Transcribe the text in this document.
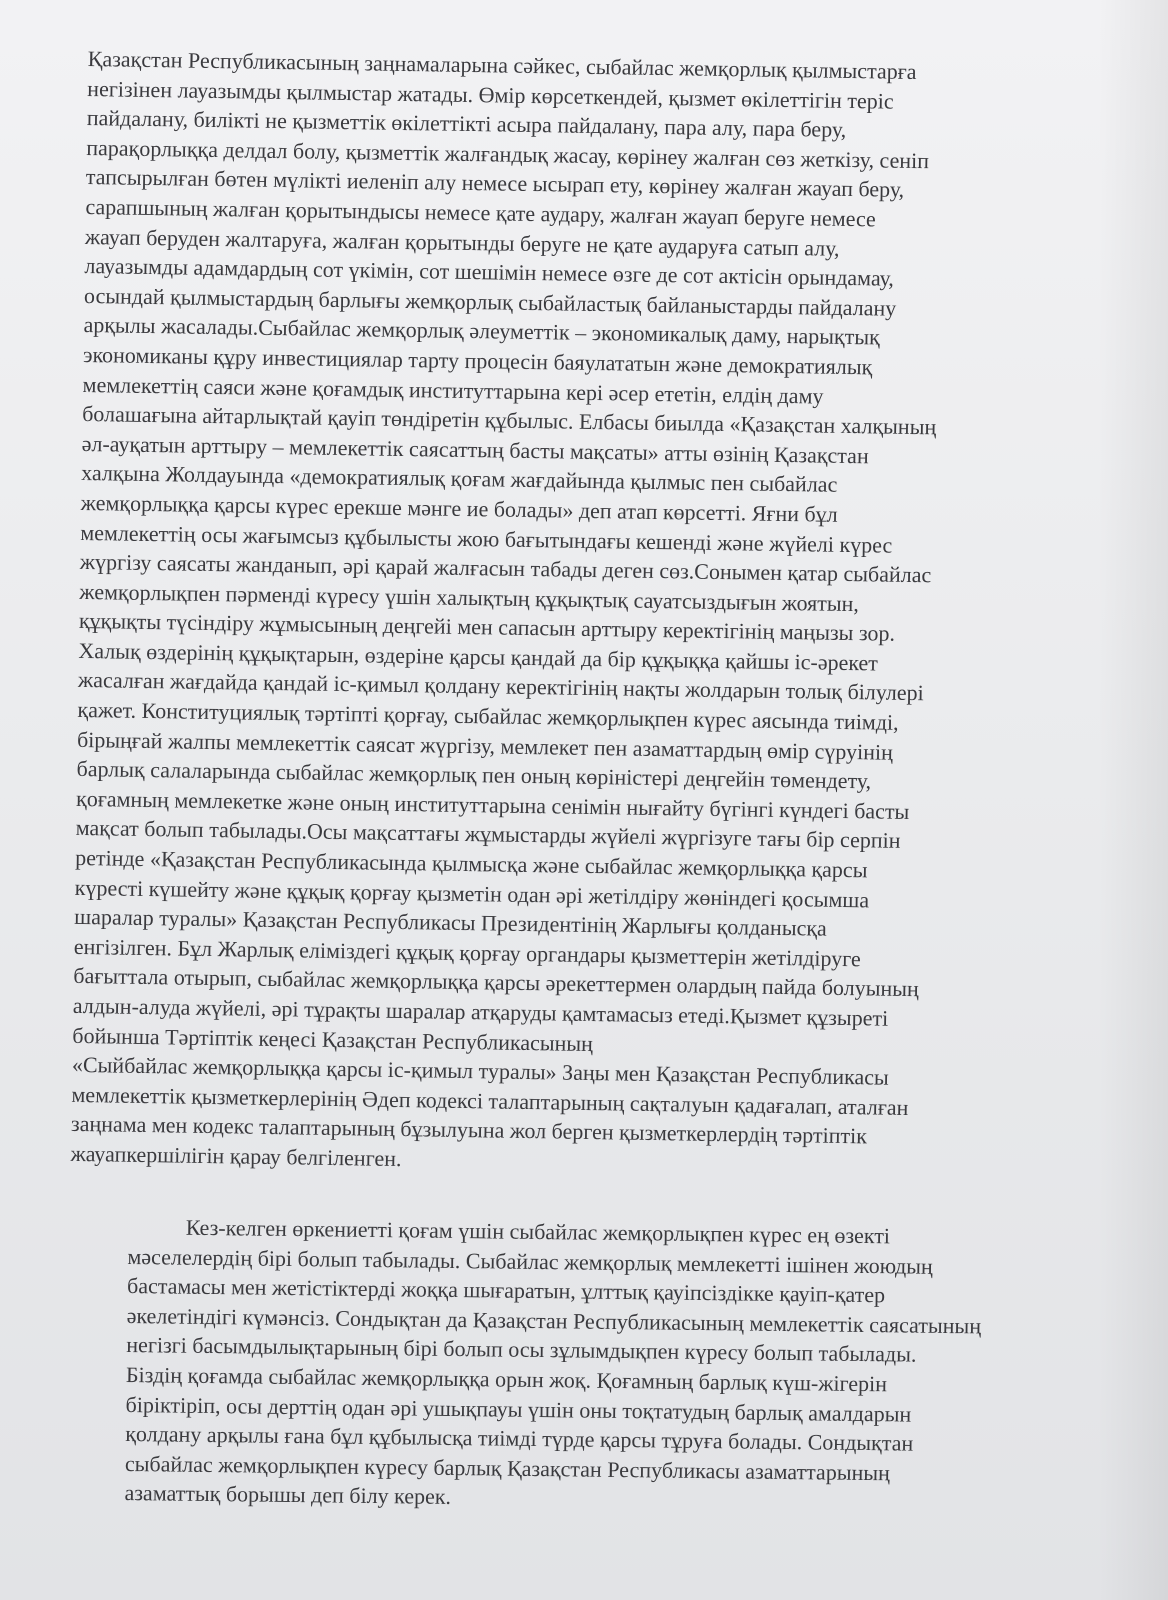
Қазақстан Республикасының заңнамаларына сәйкес, сыбайлас жемқорлық қылмыстарға
негізінен лауазымды қылмыстар жатады. Өмір көрсеткендей, қызмет өкілеттігін теріс
пайдалану, билікті не қызметтік өкілеттікті асыра пайдалану, пара алу, пара беру,
парақорлыққа делдал болу, қызметтік жалғандық жасау, көрінеу жалған сөз жеткізу, сеніп
тапсырылған бөтен мүлікті иеленіп алу немесе ысырап ету, көрінеу жалған жауап беру,
сарапшының жалған қорытындысы немесе қате аудару, жалған жауап беруге немесе
жауап беруден жалтаруға, жалған қорытынды беруге не қате аударуға сатып алу,
лауазымды адамдардың сот үкімін, сот шешімін немесе өзге де сот актісін орындамау,
осындай қылмыстардың барлығы жемқорлық сыбайластық байланыстарды пайдалану
арқылы жасалады.Сыбайлас жемқорлық әлеуметтік – экономикалық даму, нарықтық
экономиканы құру инвестициялар тарту процесін баяулататын және демократиялық
мемлекеттің саяси және қоғамдық институттарына кері әсер ететін, елдің даму
болашағына айтарлықтай қауіп төндіретін құбылыс. Елбасы биылда «Қазақстан халқының
әл-ауқатын арттыру – мемлекеттік саясаттың басты мақсаты» атты өзінің Қазақстан
халқына Жолдауында «демократиялық қоғам жағдайында қылмыс пен сыбайлас
жемқорлыққа қарсы күрес ерекше мәнге ие болады» деп атап көрсетті. Яғни бұл
мемлекеттің осы жағымсыз құбылысты жою бағытындағы кешенді және жүйелі күрес
жүргізу саясаты жанданып, әрі қарай жалғасын табады деген сөз.Сонымен қатар сыбайлас
жемқорлықпен пәрменді күресу үшін халықтың құқықтық сауатсыздығын жоятын,
құқықты түсіндіру жұмысының деңгейі мен сапасын арттыру керектігінің маңызы зор.
Халық өздерінің құқықтарын, өздеріне қарсы қандай да бір құқыққа қайшы іс-әрекет
жасалған жағдайда қандай іс-қимыл қолдану керектігінің нақты жолдарын толық білулері
қажет. Конституциялық тәртіпті қорғау, сыбайлас жемқорлықпен күрес аясында тиімді,
бірыңғай жалпы мемлекеттік саясат жүргізу, мемлекет пен азаматтардың өмір сүруінің
барлық салаларында сыбайлас жемқорлық пен оның көріністері деңгейін төмендету,
қоғамның мемлекетке және оның институттарына сенімін нығайту бүгінгі күндегі басты
мақсат болып табылады.Осы мақсаттағы жұмыстарды жүйелі жүргізуге тағы бір серпін
ретінде «Қазақстан Республикасында қылмысқа және сыбайлас жемқорлыққа қарсы
күресті күшейту және құқық қорғау қызметін одан әрі жетілдіру жөніндегі қосымша
шаралар туралы» Қазақстан Республикасы Президентінің Жарлығы қолданысқа
енгізілген. Бұл Жарлық еліміздегі құқық қорғау органдары қызметтерін жетілдіруге
бағыттала отырып, сыбайлас жемқорлыққа қарсы әрекеттермен олардың пайда болуының
алдын-алуда жүйелі, әрі тұрақты шаралар атқаруды қамтамасыз етеді.Қызмет құзыреті
бойынша Тәртіптік кеңесі Қазақстан Республикасының
«Сыйбайлас жемқорлыққа қарсы іс-қимыл туралы» Заңы мен Қазақстан Республикасы
мемлекеттік қызметкерлерінің Әдеп кодексі талаптарының сақталуын қадағалап, аталған
заңнама мен кодекс талаптарының бұзылуына жол берген қызметкерлердің тәртіптік
жауапкершілігін қарау белгіленген.
Кез-келген өркениетті қоғам үшін сыбайлас жемқорлықпен күрес ең өзекті
мәселелердің бірі болып табылады. Сыбайлас жемқорлық мемлекетті ішінен жоюдың
бастамасы мен жетістіктерді жоққа шығаратын, ұлттық қауіпсіздікке қауіп-қатер
әкелетіндігі күмәнсіз. Сондықтан да Қазақстан Республикасының мемлекеттік саясатының
негізгі басымдылықтарының бірі болып осы зұлымдықпен күресу болып табылады.
Біздің қоғамда сыбайлас жемқорлыққа орын жоқ. Қоғамның барлық күш-жігерін
біріктіріп, осы дерттің одан әрі ушықпауы үшін оны тоқтатудың барлық амалдарын
қолдану арқылы ғана бұл құбылысқа тиімді түрде қарсы тұруға болады. Сондықтан
сыбайлас жемқорлықпен күресу барлық Қазақстан Республикасы азаматтарының
азаматтық борышы деп білу керек.
